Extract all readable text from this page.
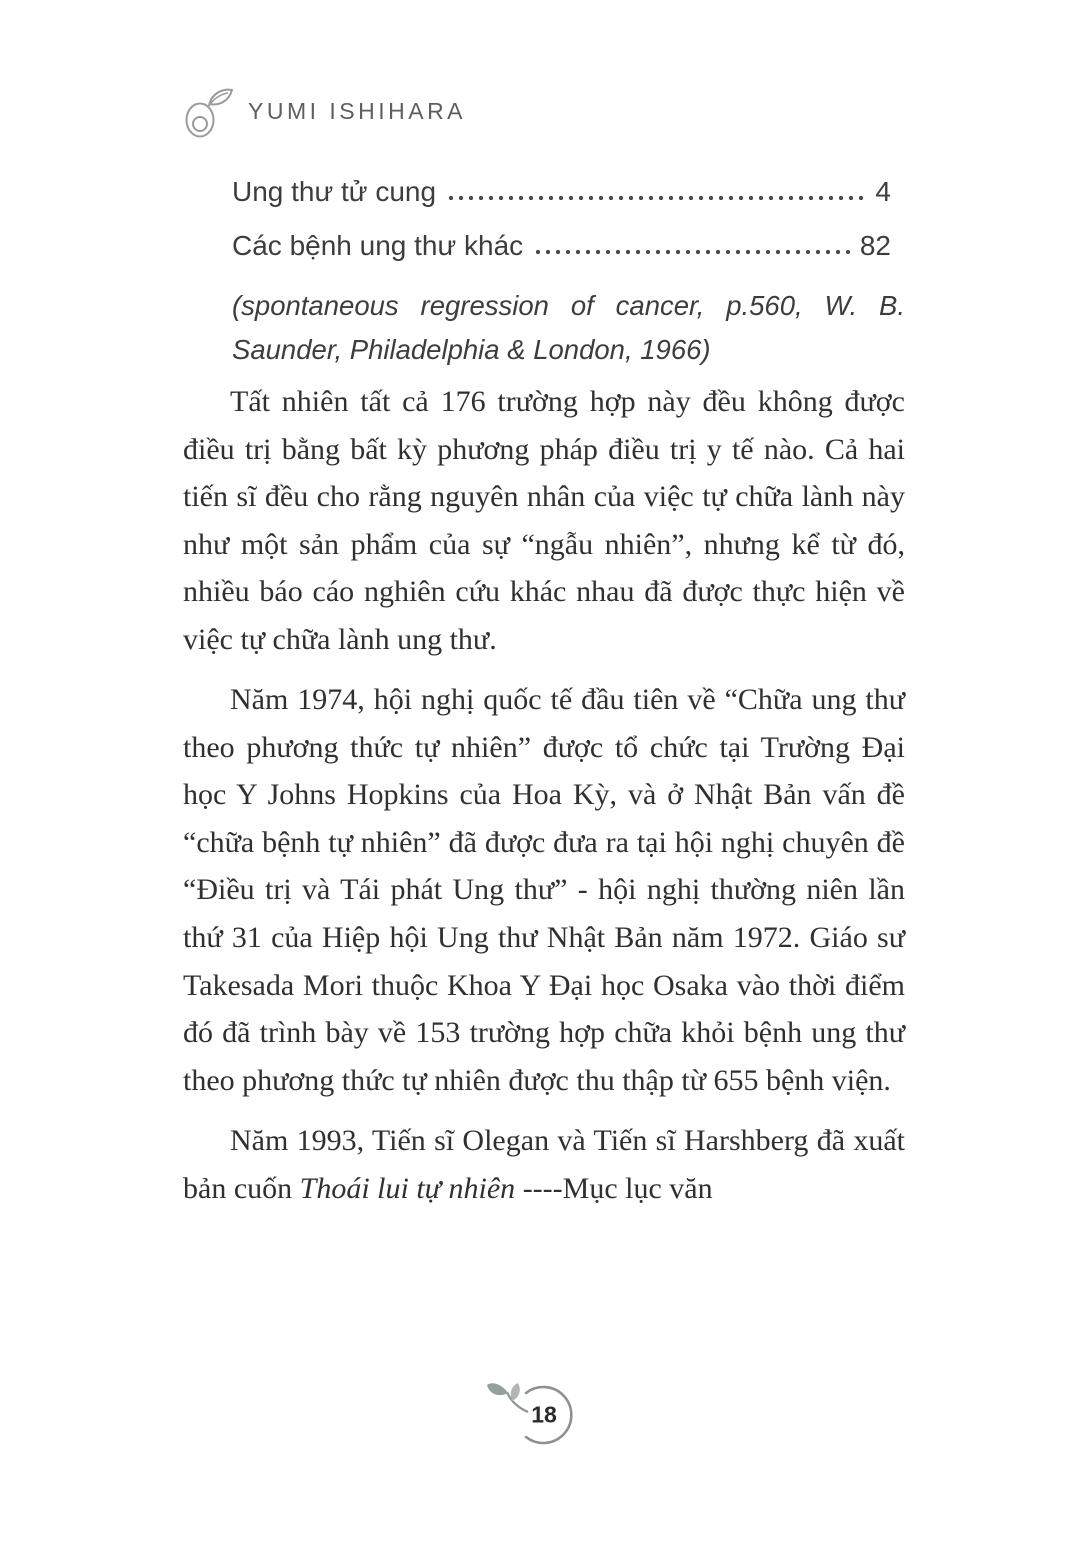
YUMI ISHIHARA
Ung thư tử cung	4
Các bệnh ung thư khác	82
(spontaneous regression of cancer, p.560, W. B.
Saunder, Philadelphia & London, 1966)

Tất nhiên tất cả 176 trường hợp này đều không được điều trị bằng bất kỳ phương pháp điều trị y tế nào. Cả hai tiến sĩ đều cho rằng nguyên nhân của việc tự chữa lành này như một sản phẩm của sự “ngẫu nhiên”, nhưng kể từ đó, nhiều báo cáo nghiên cứu khác nhau đã được thực hiện về việc tự chữa lành ung thư.

Năm 1974, hội nghị quốc tế đầu tiên về “Chữa ung thư theo phương thức tự nhiên” được tổ chức tại Trường Đại học Y Johns Hopkins của Hoa Kỳ, và ở Nhật Bản vấn đề “chữa bệnh tự nhiên” đã được đưa ra tại hội nghị chuyên đề “Điều trị và Tái phát Ung thư” - hội nghị thường niên lần thứ 31 của Hiệp hội Ung thư Nhật Bản năm 1972. Giáo sư Takesada Mori thuộc Khoa Y Đại học Osaka vào thời điểm đó đã trình bày về 153 trường hợp chữa khỏi bệnh ung thư theo phương thức tự nhiên được thu thập từ 655 bệnh viện.

Năm 1993, Tiến sĩ Olegan và Tiến sĩ Harshberg đã xuất bản cuốn Thoái lui tự nhiên ----Mục lục văn

18
